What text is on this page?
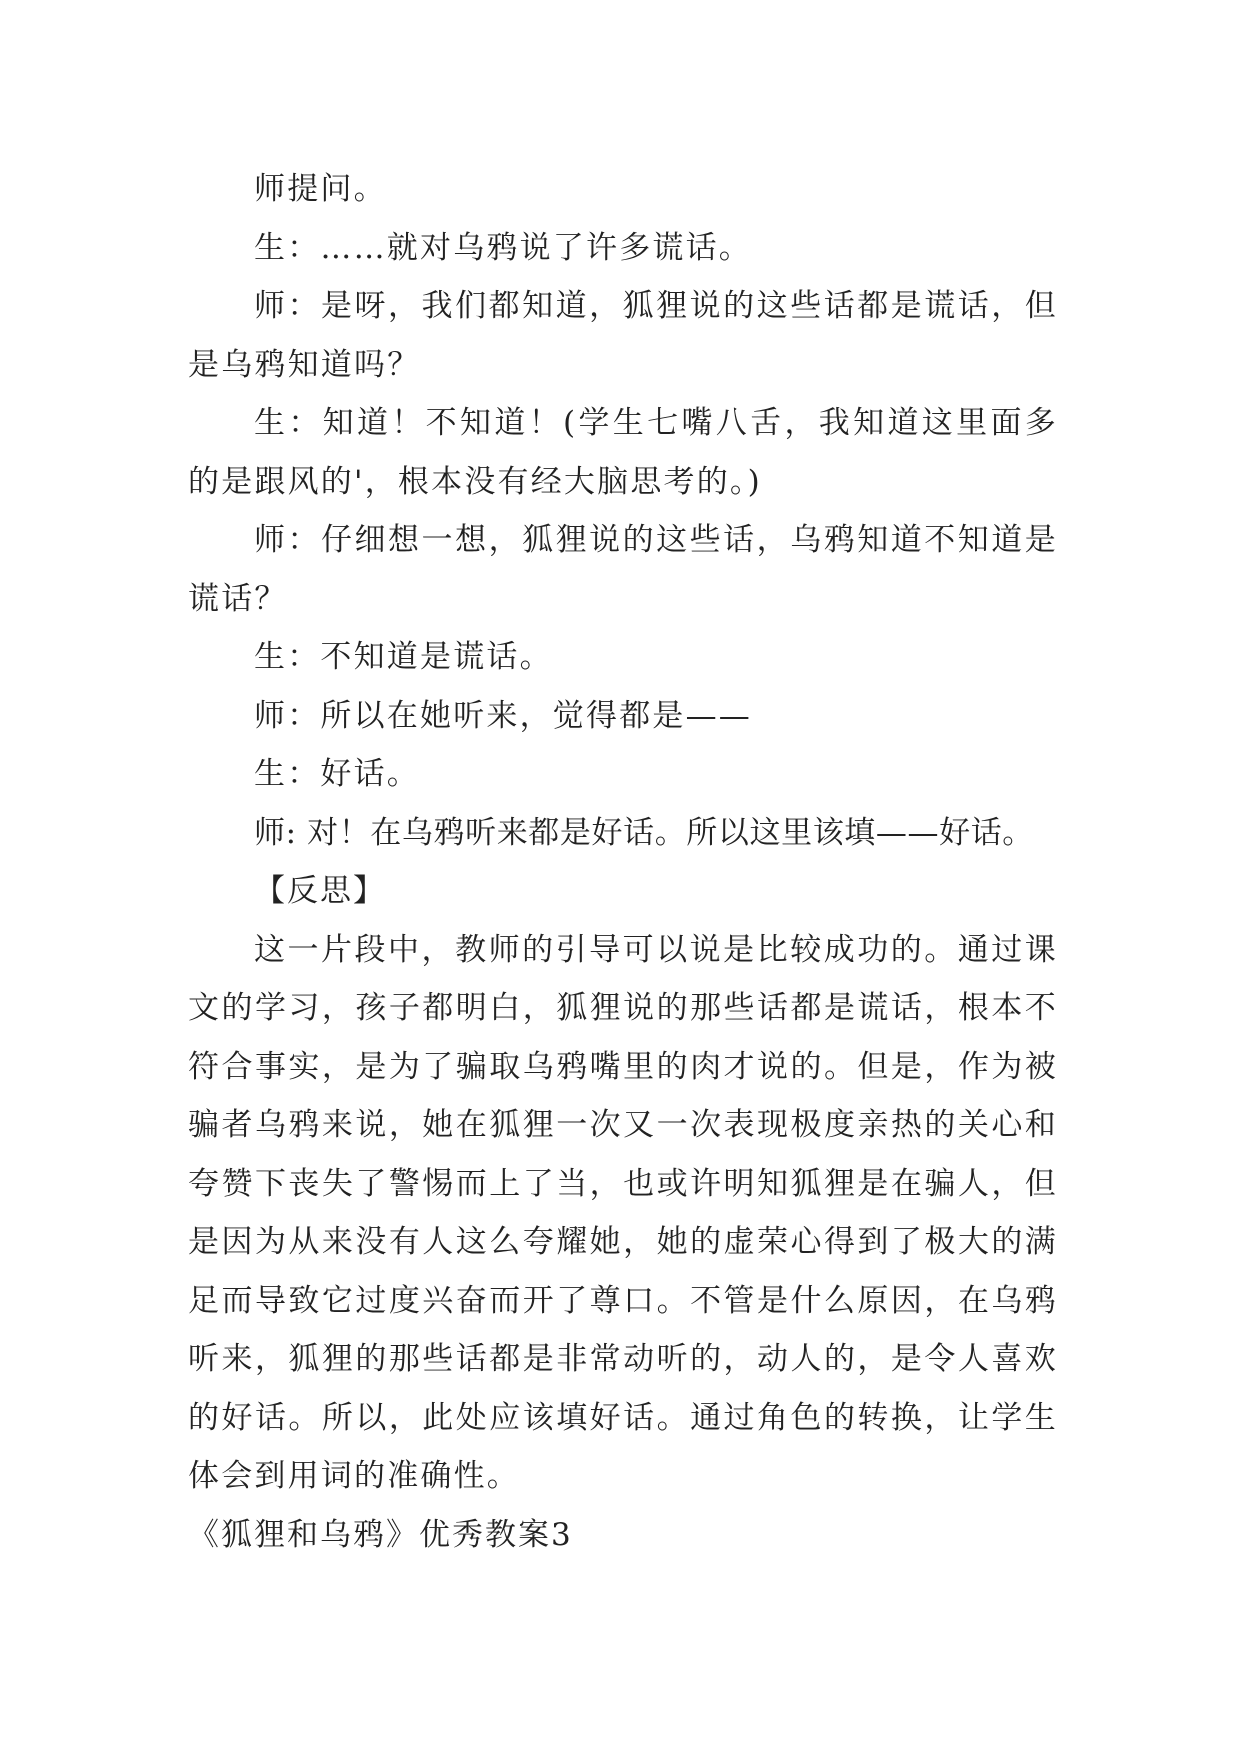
师提问。

生：……就对乌鸦说了许多谎话。

师：是呀，我们都知道，狐狸说的这些话都是谎话，但是乌鸦知道吗？

生：知道！不知道！(学生七嘴八舌，我知道这里面多的是跟风的'，根本没有经大脑思考的。)

师：仔细想一想，狐狸说的这些话，乌鸦知道不知道是谎话？

生：不知道是谎话。

师：所以在她听来，觉得都是——

生：好话。

师: 对！在乌鸦听来都是好话。所以这里该填——好话。

【反思】

这一片段中，教师的引导可以说是比较成功的。通过课文的学习，孩子都明白，狐狸说的那些话都是谎话，根本不符合事实，是为了骗取乌鸦嘴里的肉才说的。但是，作为被骗者乌鸦来说，她在狐狸一次又一次表现极度亲热的关心和夸赞下丧失了警惕而上了当，也或许明知狐狸是在骗人，但是因为从来没有人这么夸耀她，她的虚荣心得到了极大的满足而导致它过度兴奋而开了尊口。不管是什么原因，在乌鸦听来，狐狸的那些话都是非常动听的，动人的，是令人喜欢的好话。所以，此处应该填好话。通过角色的转换，让学生体会到用词的准确性。

《狐狸和乌鸦》优秀教案3
